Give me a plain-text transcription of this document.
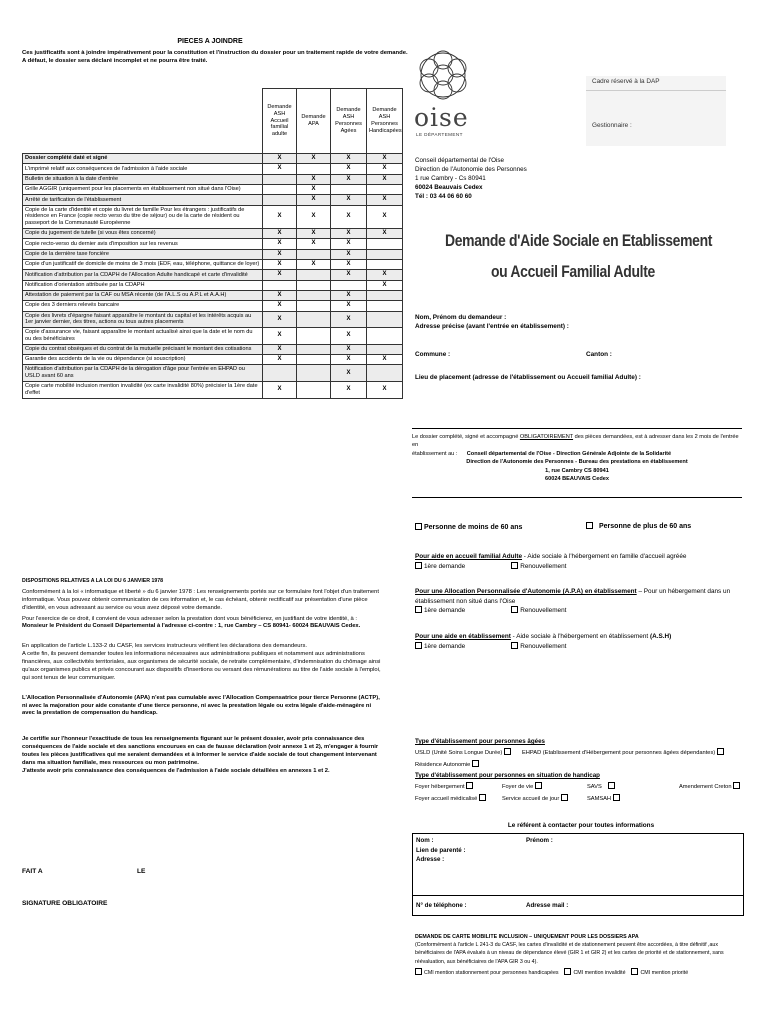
PIECES A JOINDRE
Ces justificatifs sont à joindre impérativement pour la constitution et l'instruction du dossier pour un traitement rapide de votre demande.
A défaut, le dossier sera déclaré incomplet et ne pourra être traité.
	Demande ASH Accueil familial adulte	Demande APA	Demande ASH Personnes Agées	Demande ASH Personnes Handicapées
Dossier complété daté et signé	X	X	X	X
L'imprimé relatif aux conséquences de l'admission à l'aide sociale	X		X	X
Bulletin de situation à la date d'entrée		X	X	X
Grille AGGIR (uniquement pour les placements en établissement non situé dans l'Oise)		X		
Arrêté de tarification de l'établissement		X	X	X
Copie de la carte d'identité et copie du livret de famille Pour les étrangers : justificatifs de résidence en France (copie recto verso du titre de séjour) ou de la carte de résident ou passeport de la Communauté Européenne	X	X	X	X
Copie du jugement de tutelle (si vous êtes concerné)	X	X	X	X
Copie recto-verso du dernier avis d'imposition sur les revenus	X	X	X	
Copie de la dernière taxe foncière	X		X	
Copie d'un justificatif de domicile de moins de 3 mois (EDF, eau, téléphone, quittance de loyer)	X	X	X	
Notification d'attribution par la CDAPH de l'Allocation Adulte handicapé et carte d'invalidité	X		X	X
Notification d'orientation attribuée par la CDAPH				X
Attestation de paiement par la CAF ou MSA récente (de l'A.L.S ou A.P.L et A.A.H)	X		X	
Copie des 3 derniers relevés bancaire	X		X	
Copie des livrets d'épargne faisant apparaître le montant du capital et les intérêts acquis au 1er janvier dernier, des titres, actions ou tous autres placements	X		X	
Copie d'assurance vie, faisant apparaître le montant actualisé ainsi que la date et le nom du ou des bénéficiaires	X		X	
Copie du contrat obsèques et du contrat de la mutuelle précisant le montant des cotisations	X		X	
Garantie des accidents de la vie ou dépendance (si souscription)	X		X	X
Notification d'attribution par la CDAPH de la dérogation d'âge pour l'entrée en EHPAD ou USLD avant 60 ans			X	
Copie carte mobilité inclusion mention invalidité (ex carte invalidité 80%) précisier la 1ère date d'effet	X		X	X
DISPOSITIONS RELATIVES A LA LOI DU 6 JANVIER 1978
Conformément à la loi « informatique et liberté » du 6 janvier 1978 : Les renseignements portés sur ce formulaire font l'objet d'un traitement informatique. Vous pouvez obtenir communication de ces information et, le cas échéant, obtenir rectificatif sur présentation d'une pièce d'identité, en vous adressant au service ou vous avez déposé votre demande.
Pour l'exercice de ce droit, il convient de vous adresser selon la prestation dont vous bénéficierez, en justifiant de votre identité, à :
Monsieur le Président du Conseil Départemental à l'adresse ci-contre : 1, rue Cambry – CS 80941- 60024 BEAUVAIS Cedex.
En application de l'article L.133-2 du CASF, les services instructeurs vérifient les déclarations des demandeurs.
A cette fin, ils peuvent demander toutes les informations nécessaires aux administrations publiques et notamment aux administrations financières, aux collectivités territoriales, aux organismes de sécurité sociale, de retraite complémentaire, d'indemnisation du chômage ainsi qu'aux organismes publics et privés concourant aux dispositifs d'insertions ou versant des rémunérations au titre de l'aide sociale à l'emploi, qui sont tenus de leur communiquer.
L'Allocation Personnalisée d'Autonomie (APA) n'est pas cumulable avec l'Allocation Compensatrice pour tierce Personne (ACTP), ni avec la majoration pour aide constante d'une tierce personne, ni avec la prestation légale ou extra légale d'aide-ménagère ni avec la prestation de compensation du handicap.
Je certifie sur l'honneur l'exactitude de tous les renseignements figurant sur le présent dossier, avoir pris connaissance des conséquences de l'aide sociale et des sanctions encourues en cas de fausse déclaration (voir annexe 1 et 2), m'engager à fournir toutes les pièces justificatives qui me seraient demandées et à informer le service d'aide sociale de tout changement intervenant dans ma situation familiale, mes ressources ou mon patrimoine.
J'atteste avoir pris connaissance des conséquences de l'admission à l'aide sociale détaillées en annexes 1 et 2.
FAIT A	LE
SIGNATURE OBLIGATOIRE
oise
LE DÉPARTEMENT
Cadre réservé à la DAP
Gestionnaire :
Conseil départemental de l'Oise
Direction de l'Autonomie des Personnes
1 rue Cambry - Cs 80941
60024 Beauvais Cedex
Tél : 03 44 06 60 60
Demande d'Aide Sociale en Etablissement
ou Accueil Familial Adulte
Nom, Prénom du demandeur :
Adresse précise (avant l'entrée en établissement) :
Commune :	Canton :
Lieu de placement (adresse de l'établissement ou Accueil familial Adulte) :
Le dossier complété, signé et accompagné OBLIGATOIREMENT des pièces demandées, est à adresser dans les 2 mois de l'entrée en
établissement au : Conseil départemental de l'Oise - Direction Générale Adjointe de la Solidarité
Direction de l'Autonomie des Personnes - Bureau des prestations en établissement
1, rue Cambry CS 80941
60024 BEAUVAIS Cedex
Personne de moins de 60 ans	Personne de plus de 60 ans
Pour aide en accueil familial Adulte - Aide sociale à l'hébergement en famille d'accueil agréée
1ère demande	Renouvellement
Pour une Allocation Personnalisée d'Autonomie (A.P.A) en établissement – Pour un hébergement dans un établissement non situé dans l'Oise
1ère demande	Renouvellement
Pour une aide en établissement - Aide sociale à l'hébergement en établissement (A.S.H)
1ère demande	Renouvellement
Type d'établissement pour personnes âgées
USLD (Unité Soins Longue Durée)	EHPAD (Etablissement d'Hébergement pour personnes âgées dépendantes)
Résidence Autonomie
Type d'établissement pour personnes en situation de handicap
Foyer hébergement	Foyer de vie	SAVS	Amendement Creton
Foyer accueil médicalisé	Service accueil de jour	SAMSAH
Le référent à contacter pour toutes informations
Nom :	Prénom :
Lien de parenté :
Adresse :

N° de téléphone :	Adresse mail :
DEMANDE DE CARTE MOBILITE INCLUSION – UNIQUEMENT POUR LES DOSSIERS APA
(Conformément à l'article L 241-3 du CASF, les cartes d'invalidité et de stationnement peuvent être accordées, à titre définitif ,aux bénéficiaires de l'APA évalués à un niveau de dépendance élevé (GIR 1 et GIR 2) et les cartes de priorité et de stationnement, sans réévaluation, aux bénéficiaires de l'APA GIR 3 ou 4).
CMI mention stationnement pour personnes handicapées	CMI mention invalidité	CMI mention priorité
